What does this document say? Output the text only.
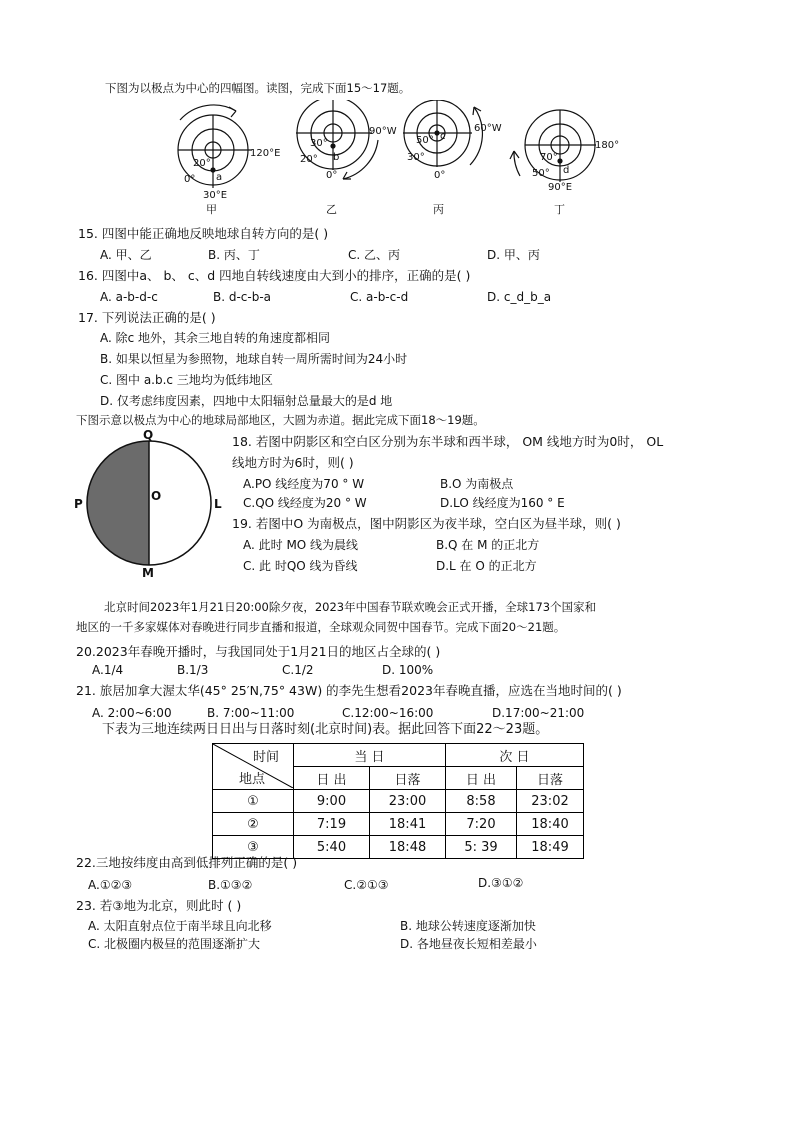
下图为以极点为中心的四幅图。读图，完成下面15～17题。
120°E
20°
0° a
30°E
甲
90°W
30°
20° b
0°
乙
60°W
50°
30°
c
0°
丙
180°
70°
50° d
90°E
丁
15. 四图中能正确地反映地球自转方向的是( )
A. 甲、乙	B. 丙、丁	C. 乙、丙	D. 甲、丙
16. 四图中a、 b、 c、d 四地自转线速度由大到小的排序，正确的是( )
A. a-b-d-c	B. d-c-b-a	C. a-b-c-d	D. c_d_b_a
17. 下列说法正确的是( )
A. 除c 地外，其余三地自转的角速度都相同
B. 如果以恒星为参照物，地球自转一周所需时间为24小时
C. 图中 a.b.c 三地均为低纬地区
D. 仅考虑纬度因素，四地中太阳辐射总量最大的是d 地
下图示意以极点为中心的地球局部地区，大圆为赤道。据此完成下面18～19题。
Q
P
O
L
M
18. 若图中阴影区和空白区分别为东半球和西半球， OM 线地方时为0时， OL
线地方时为6时，则( )
A.PO 线经度为70 ° W	B.O 为南极点
C.QO 线经度为20 ° W	D.LO 线经度为160 ° E
19. 若图中O 为南极点，图中阴影区为夜半球，空白区为昼半球，则( )
A. 此时 MO 线为晨线	B.Q 在 M 的正北方
C. 此 时QO 线为昏线	D.L 在 O 的正北方
北京时间2023年1月21日20:00除夕夜，2023年中国春节联欢晚会正式开播，全球173个国家和
地区的一千多家媒体对春晚进行同步直播和报道，全球观众同贺中国春节。完成下面20～21题。
20.2023年春晚开播时，与我国同处于1月21日的地区占全球的( )
A.1/4	B.1/3	C.1/2	D. 100%
21. 旅居加拿大渥太华(45° 25′N,75° 43W) 的李先生想看2023年春晚直播，应选在当地时间的( )
A. 2:00~6:00	B. 7:00~11:00	C.12:00~16:00	D.17:00~21:00
下表为三地连续两日日出与日落时刻(北京时间)表。据此回答下面22～23题。
时间
地点	当 日		次 日	
	日 出	日落	日 出	日落
①	9:00	23:00	8:58	23:02
②	7:19	18:41	7:20	18:40
③	5:40	18:48	5: 39	18:49
22.三地按纬度由高到低排列正确的是( )
A.①②③	B.①③②	C.②①③	D.③①②
23. 若③地为北京，则此时 ( )
A. 太阳直射点位于南半球且向北移	B. 地球公转速度逐渐加快
C. 北极圈内极昼的范围逐渐扩大	D. 各地昼夜长短相差最小
